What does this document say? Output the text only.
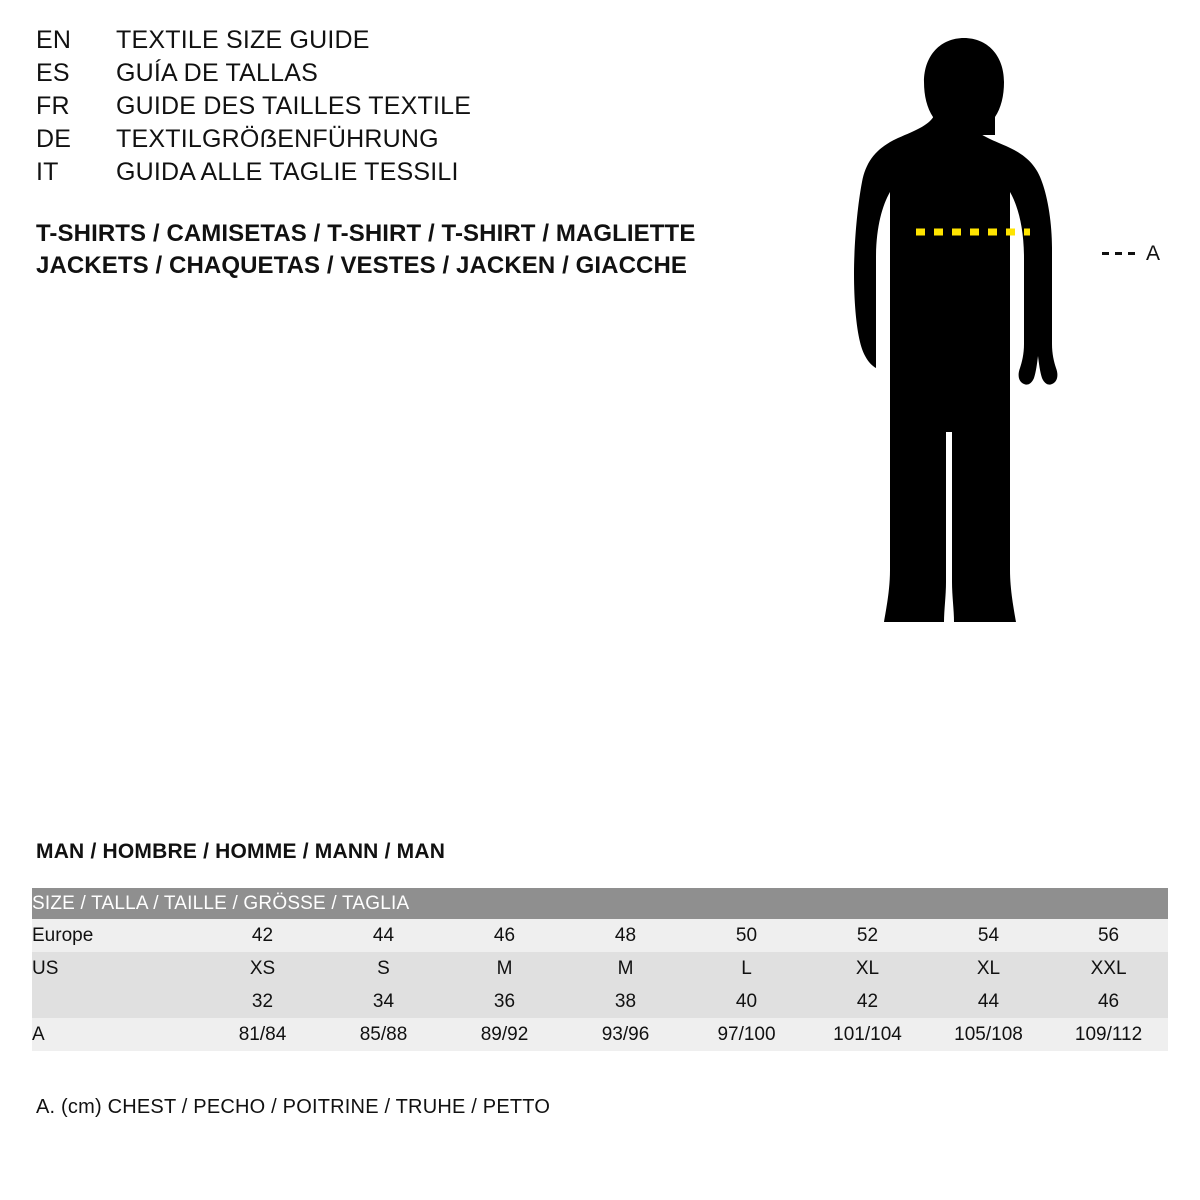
EN	TEXTILE SIZE GUIDE
ES	GUÍA DE TALLAS
FR	GUIDE DES TAILLES TEXTILE
DE	TEXTILGRÖẞENFÜHRUNG
IT	GUIDA ALLE TAGLIE TESSILI
T-SHIRTS / CAMISETAS / T-SHIRT / T-SHIRT / MAGLIETTE
JACKETS / CHAQUETAS / VESTES / JACKEN / GIACCHE	A
MAN / HOMBRE / HOMME / MANN / MAN
SIZE / TALLA / TAILLE / GRÖSSE / TAGLIA								
Europe	42	44	46	48	50	52	54	56
US	XS	S	M	M	L	XL	XL	XXL
	32	34	36	38	40	42	44	46
A	81/84	85/88	89/92	93/96	97/100	101/104	105/108	109/112
A. (cm) CHEST / PECHO / POITRINE / TRUHE / PETTO
